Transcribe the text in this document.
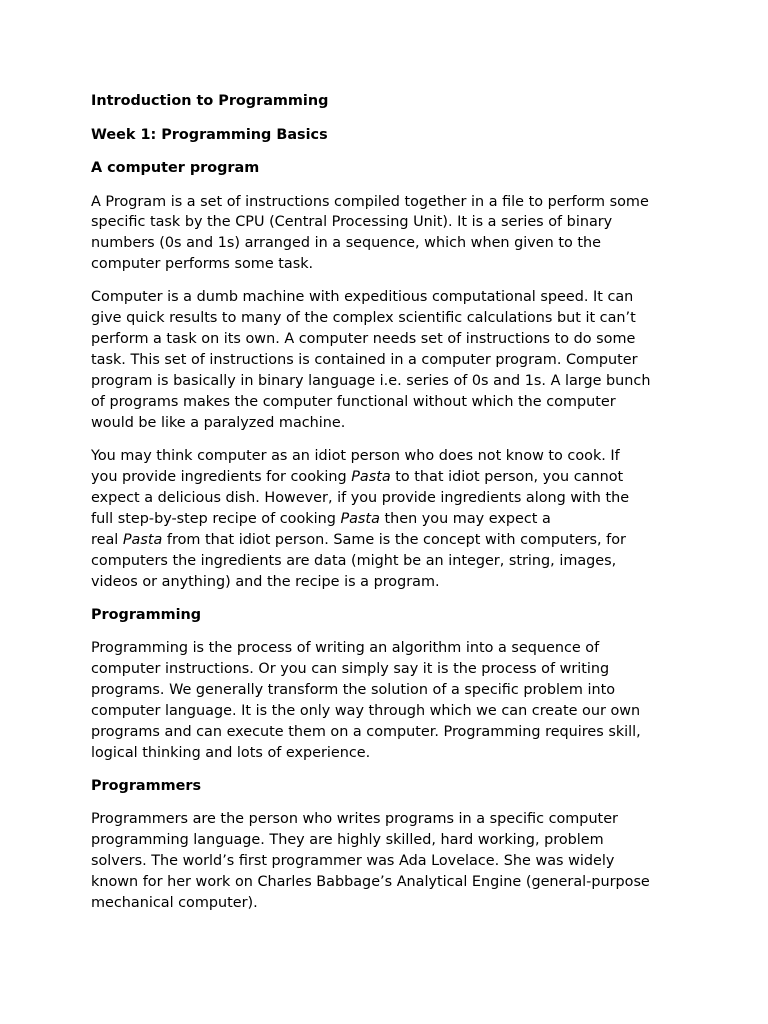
Introduction to Programming
Week 1: Programming Basics
A computer program
A Program is a set of instructions compiled together in a file to perform some
specific task by the CPU (Central Processing Unit). It is a series of binary
numbers (0s and 1s) arranged in a sequence, which when given to the
computer performs some task.
Computer is a dumb machine with expeditious computational speed. It can
give quick results to many of the complex scientific calculations but it can’t
perform a task on its own. A computer needs set of instructions to do some
task. This set of instructions is contained in a computer program. Computer
program is basically in binary language i.e. series of 0s and 1s. A large bunch
of programs makes the computer functional without which the computer
would be like a paralyzed machine.
You may think computer as an idiot person who does not know to cook. If
you provide ingredients for cooking Pasta to that idiot person, you cannot
expect a delicious dish. However, if you provide ingredients along with the
full step-by-step recipe of cooking Pasta then you may expect a
real Pasta from that idiot person. Same is the concept with computers, for
computers the ingredients are data (might be an integer, string, images,
videos or anything) and the recipe is a program.
Programming
Programming is the process of writing an algorithm into a sequence of
computer instructions. Or you can simply say it is the process of writing
programs. We generally transform the solution of a specific problem into
computer language. It is the only way through which we can create our own
programs and can execute them on a computer. Programming requires skill,
logical thinking and lots of experience.
Programmers
Programmers are the person who writes programs in a specific computer
programming language. They are highly skilled, hard working, problem
solvers. The world’s first programmer was Ada Lovelace. She was widely
known for her work on Charles Babbage’s Analytical Engine (general-purpose
mechanical computer).
